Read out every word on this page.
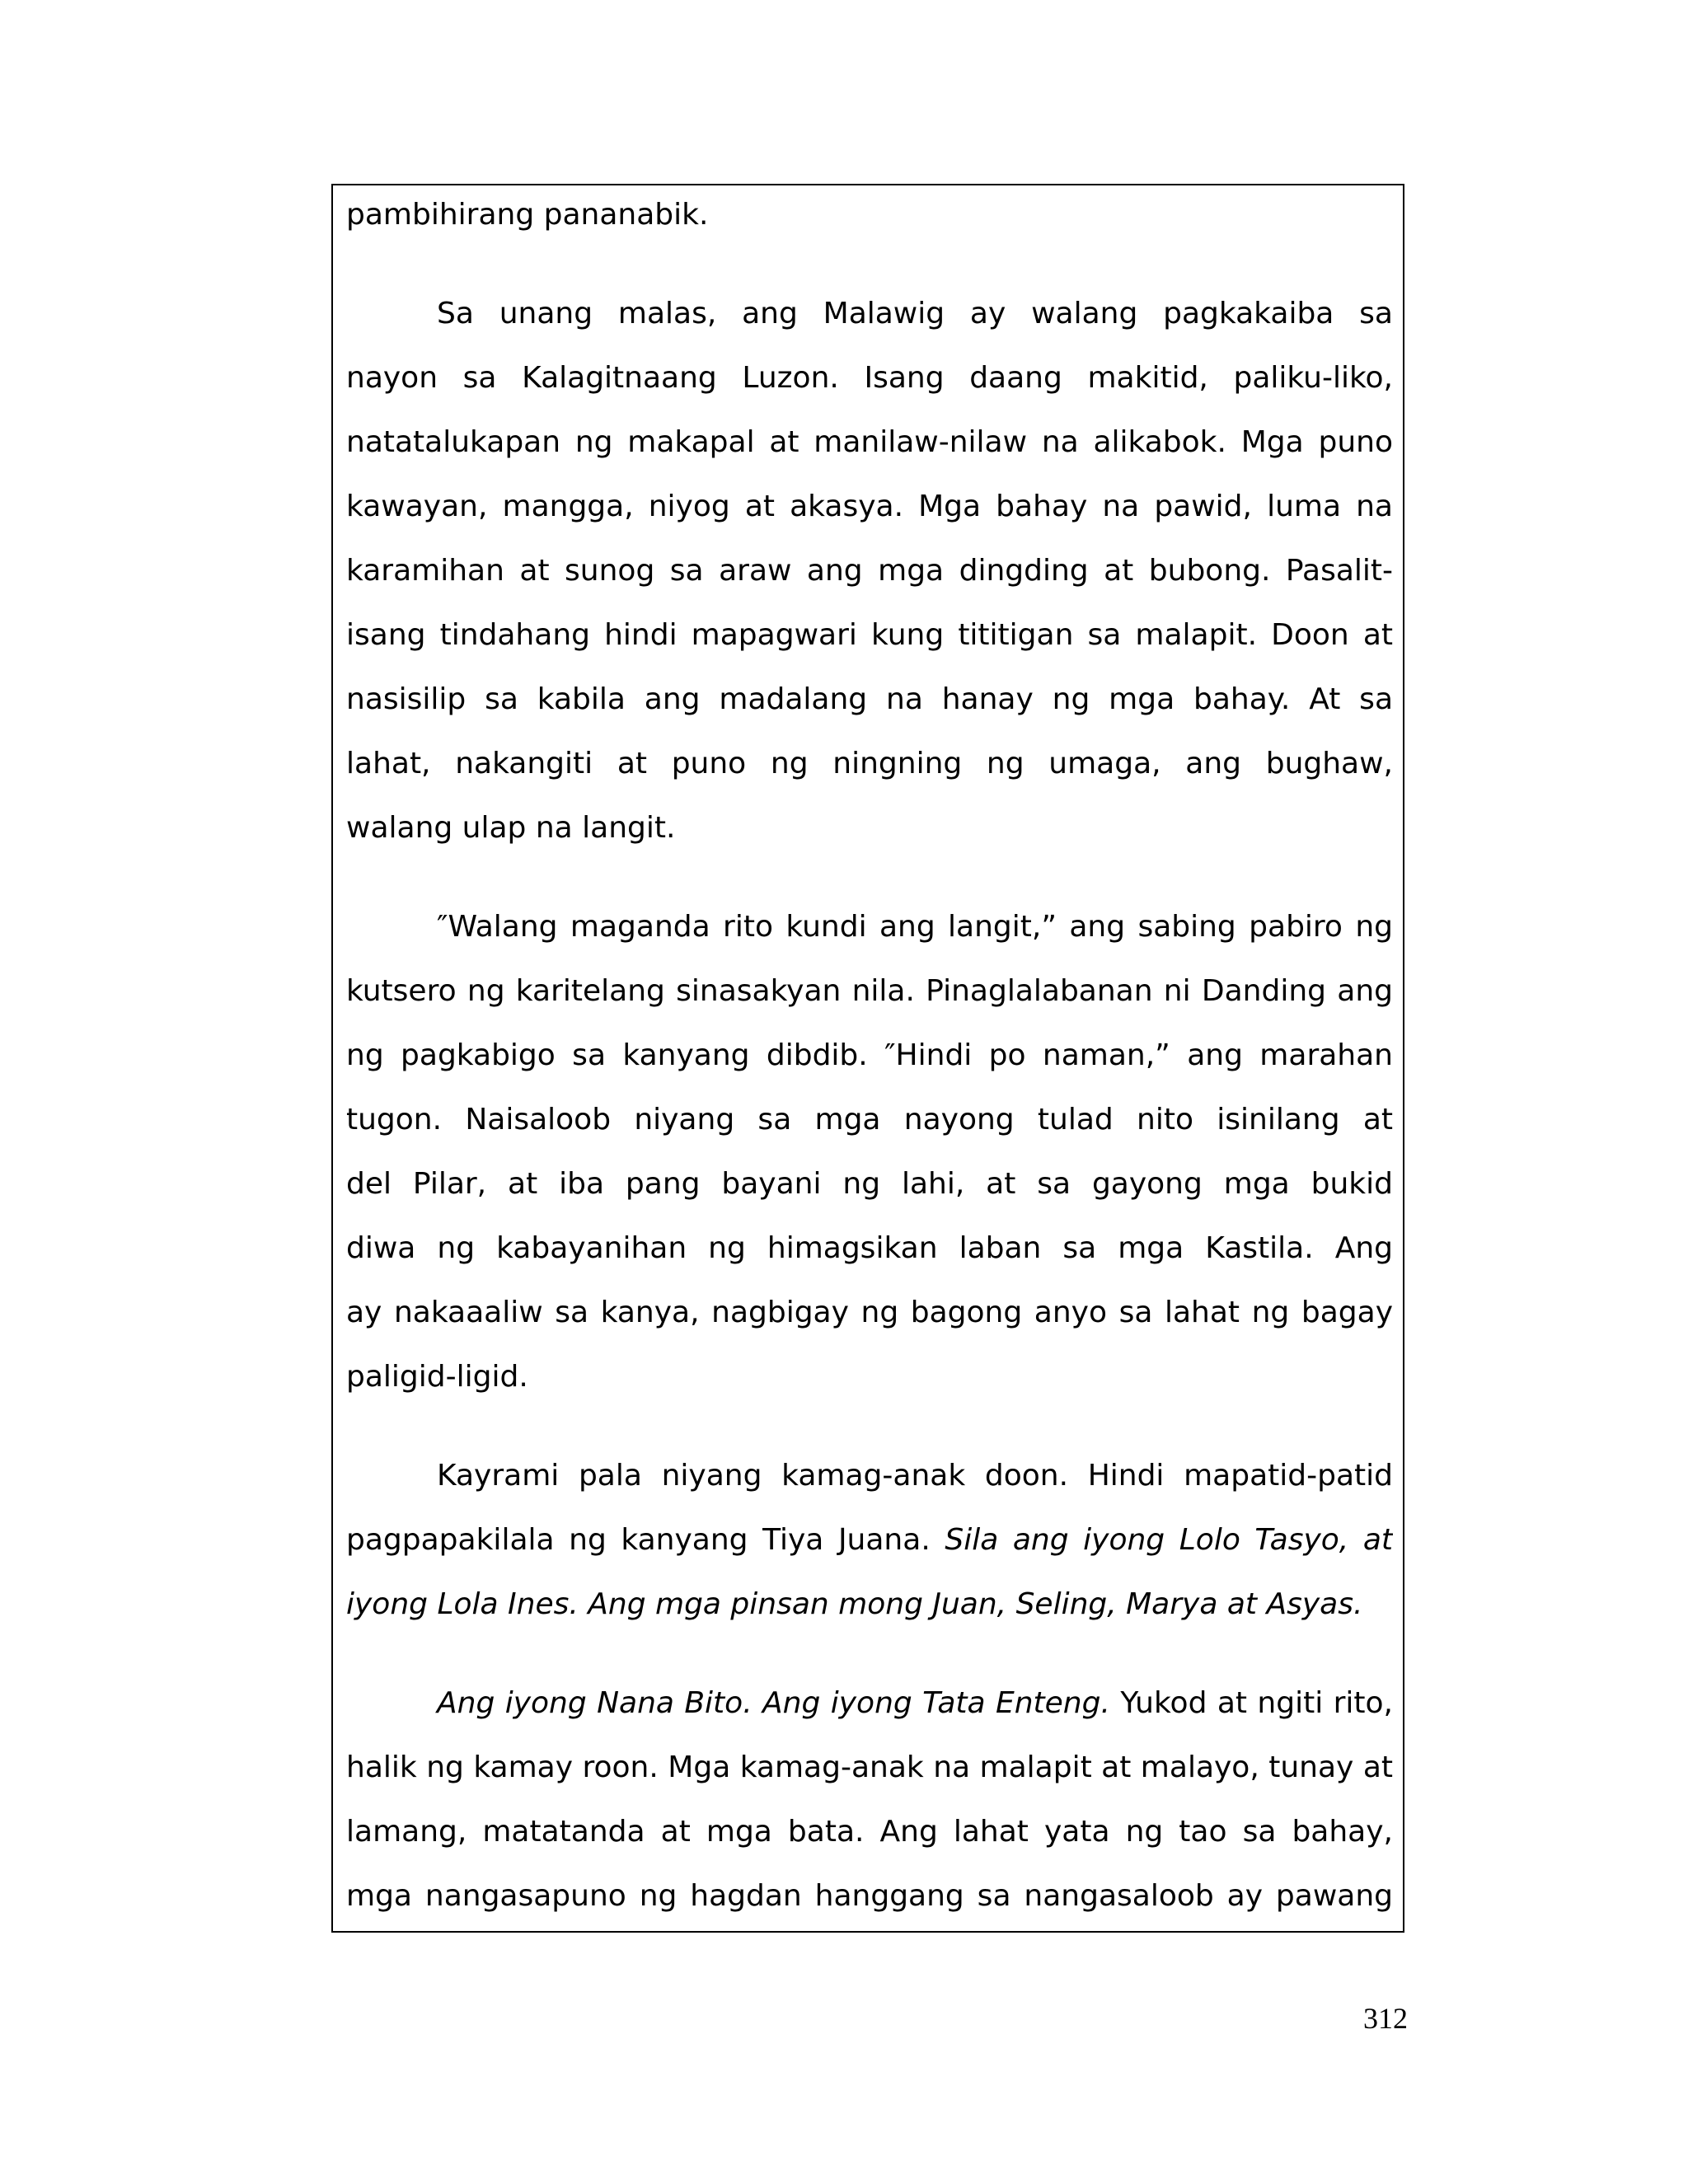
pambihirang pananabik.
Sa unang malas, ang Malawig ay walang pagkakaiba sa
nayon sa Kalagitnaang Luzon. Isang daang makitid, paliku-liko,
natatalukapan ng makapal at manilaw-nilaw na alikabok. Mga puno
kawayan, mangga, niyog at akasya. Mga bahay na pawid, luma na
karamihan at sunog sa araw ang mga dingding at bubong. Pasalit-
isang tindahang hindi mapagwari kung tititigan sa malapit. Doon at
nasisilip sa kabila ang madalang na hanay ng mga bahay. At sa
lahat, nakangiti at puno ng ningning ng umaga, ang bughaw,
walang ulap na langit.
″Walang maganda rito kundi ang langit,” ang sabing pabiro ng
kutsero ng karitelang sinasakyan nila. Pinaglalabanan ni Danding ang
ng pagkabigo sa kanyang dibdib. ″Hindi po naman,” ang marahan
tugon. Naisaloob niyang sa mga nayong tulad nito isinilang at
del Pilar, at iba pang bayani ng lahi, at sa gayong mga bukid
diwa ng kabayanihan ng himagsikan laban sa mga Kastila. Ang
ay nakaaaliw sa kanya, nagbigay ng bagong anyo sa lahat ng bagay
paligid-ligid.
Kayrami pala niyang kamag-anak doon. Hindi mapatid-patid
pagpapakilala ng kanyang Tiya Juana. Sila ang iyong Lolo Tasyo, at
iyong Lola Ines. Ang mga pinsan mong Juan, Seling, Marya at Asyas.
Ang iyong Nana Bito. Ang iyong Tata Enteng. Yukod at ngiti rito,
halik ng kamay roon. Mga kamag-anak na malapit at malayo, tunay at
lamang, matatanda at mga bata. Ang lahat yata ng tao sa bahay,
mga nangasapuno ng hagdan hanggang sa nangasaloob ay pawang
312
